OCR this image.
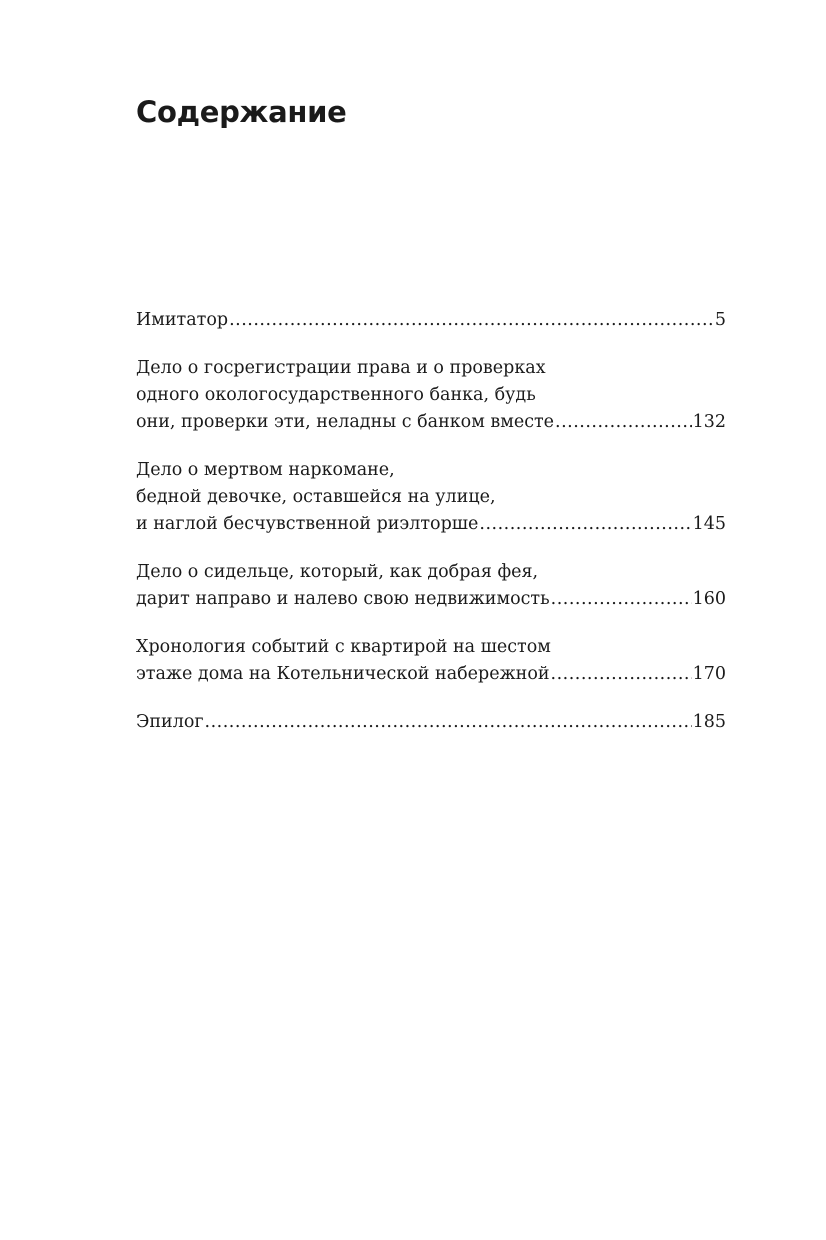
Содержание
Имитатор .....	5
Дело о госрегистрации права и о проверках
одного окологосударственного банка, будь
они, проверки эти, неладны с банком вместе .....	132
Дело о мертвом наркомане,
бедной девочке, оставшейся на улице,
и наглой бесчувственной риэлторше .....	145
Дело о сидельце, который, как добрая фея,
дарит направо и налево свою недвижимость .....	160
Хронология событий с квартирой на шестом
этаже дома на Котельнической набережной .....	170
Эпилог .....	185
